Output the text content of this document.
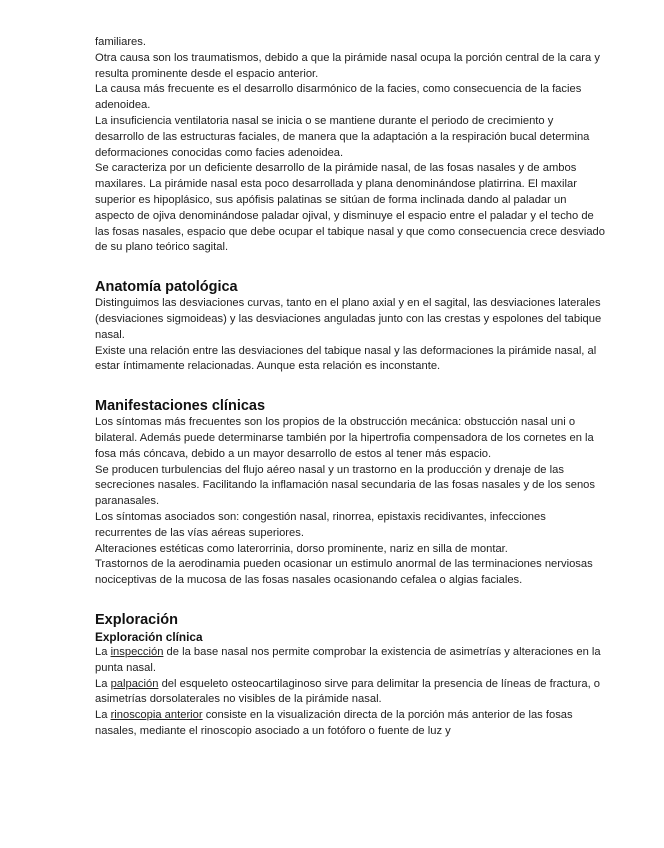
familiares.

Otra causa son los traumatismos, debido a que la pirámide nasal ocupa la porción central de la cara y resulta prominente desde el espacio anterior.

La causa más frecuente es el desarrollo disarmónico de la facies, como consecuencia de la facies adenoidea.

La insuficiencia ventilatoria nasal se inicia o se mantiene durante el periodo de crecimiento y desarrollo de las estructuras faciales, de manera que la adaptación a la respiración bucal determina deformaciones conocidas como facies adenoidea.

Se caracteriza por un deficiente desarrollo de la pirámide nasal, de las fosas nasales y de ambos maxilares. La pirámide nasal esta poco desarrollada y plana denominándose platirrina. El maxilar superior es hipoplásico, sus apófisis palatinas se sitúan de forma inclinada dando al paladar un aspecto de ojiva denominándose paladar ojival, y disminuye el espacio entre el paladar y el techo de las fosas nasales, espacio que debe ocupar el tabique nasal y que como consecuencia crece desviado de su plano teórico sagital.

Anatomía patológica

Distinguimos las desviaciones curvas, tanto en el plano axial y en el sagital, las desviaciones laterales (desviaciones sigmoideas) y las desviaciones anguladas junto con las crestas y espolones del tabique nasal.

Existe una relación entre las desviaciones del tabique nasal y las deformaciones la pirámide nasal, al estar íntimamente relacionadas. Aunque esta relación es inconstante.

Manifestaciones clínicas

Los síntomas más frecuentes son los propios de la obstrucción mecánica: obstucción nasal uni o bilateral. Además puede determinarse también por la hipertrofia compensadora de los cornetes en la fosa más cóncava, debido a un mayor desarrollo de estos al tener más espacio.

Se producen turbulencias del flujo aéreo nasal y un trastorno en la producción y drenaje de las secreciones nasales. Facilitando la inflamación nasal secundaria de las fosas nasales y de los senos paranasales.

Los síntomas asociados son: congestión nasal, rinorrea, epistaxis recidivantes, infecciones recurrentes de las vías aéreas superiores.

Alteraciones estéticas como laterorrinia, dorso prominente, nariz en silla de montar.

Trastornos de la aerodinamia pueden ocasionar un estimulo anormal de las terminaciones nerviosas nociceptivas de la mucosa de las fosas nasales ocasionando cefalea o algias faciales.

Exploración
Exploración clínica

La inspección de la base nasal nos permite comprobar la existencia de asimetrías y alteraciones en la punta nasal.

La palpación del esqueleto osteocartilaginoso sirve para delimitar la presencia de líneas de fractura, o asimetrías dorsolaterales no visibles de la pirámide nasal.

La rinoscopia anterior consiste en la visualización directa de la porción más anterior de las fosas nasales, mediante el rinoscopio asociado a un fotóforo o fuente de luz y
